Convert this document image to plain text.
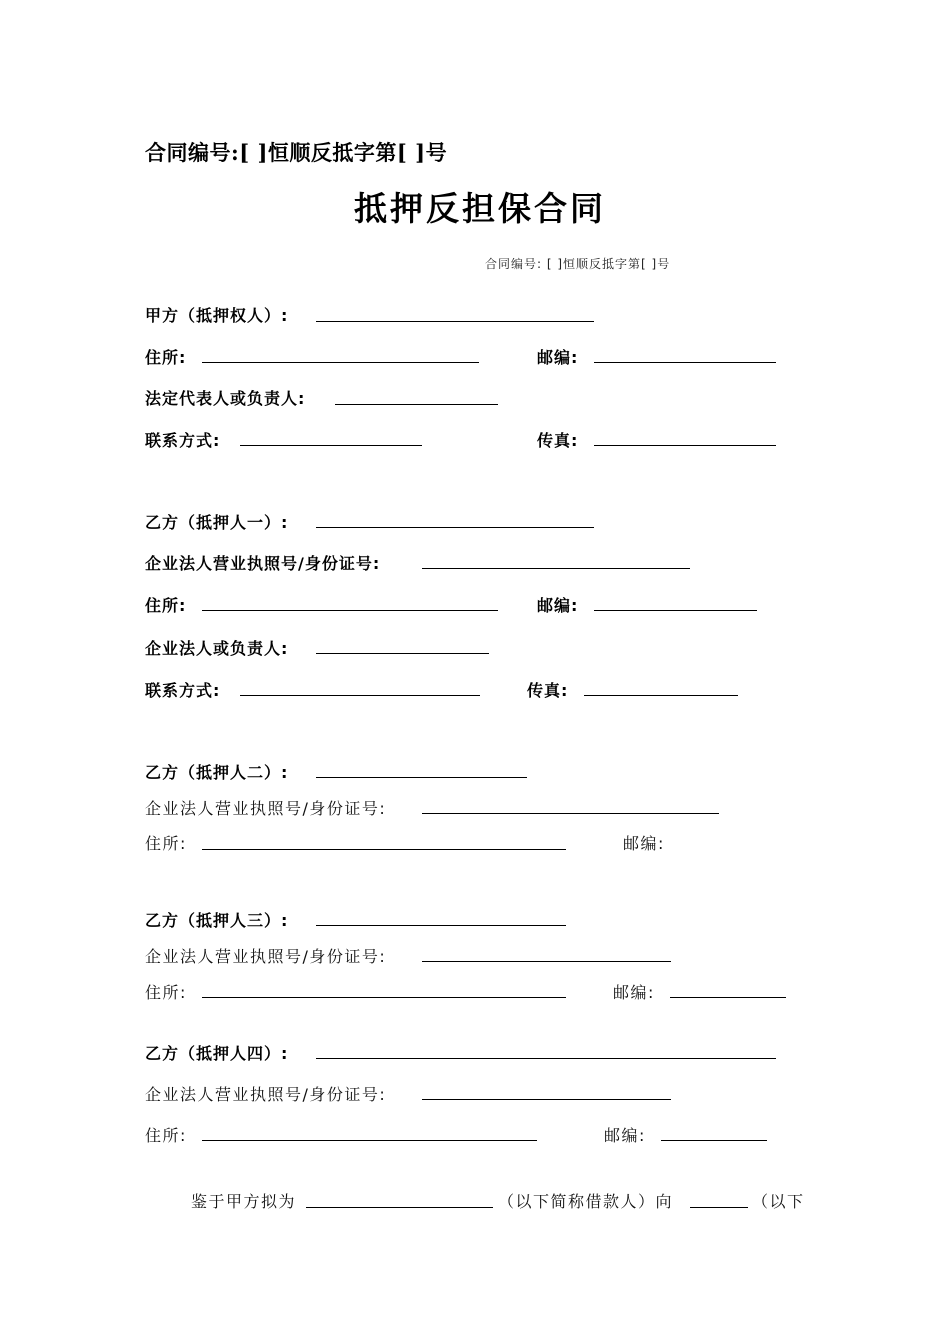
合同编号:[ ]恒顺反抵字第[ ]号
抵押反担保合同
合同编号: [ ]恒顺反抵字第[ ]号
甲方（抵押权人）:
住所:	邮编:
法定代表人或负责人:
联系方式:	传真:
乙方（抵押人一）:
企业法人营业执照号/身份证号:
住所:	邮编:
企业法人或负责人:
联系方式:	传真:
乙方（抵押人二）:
企业法人营业执照号/身份证号:
住所:	邮编:
乙方（抵押人三）:
企业法人营业执照号/身份证号:
住所:	邮编:
乙方（抵押人四）:
企业法人营业执照号/身份证号:
住所:	邮编:
鉴于甲方拟为	（以下简称借款人）向	（以下
